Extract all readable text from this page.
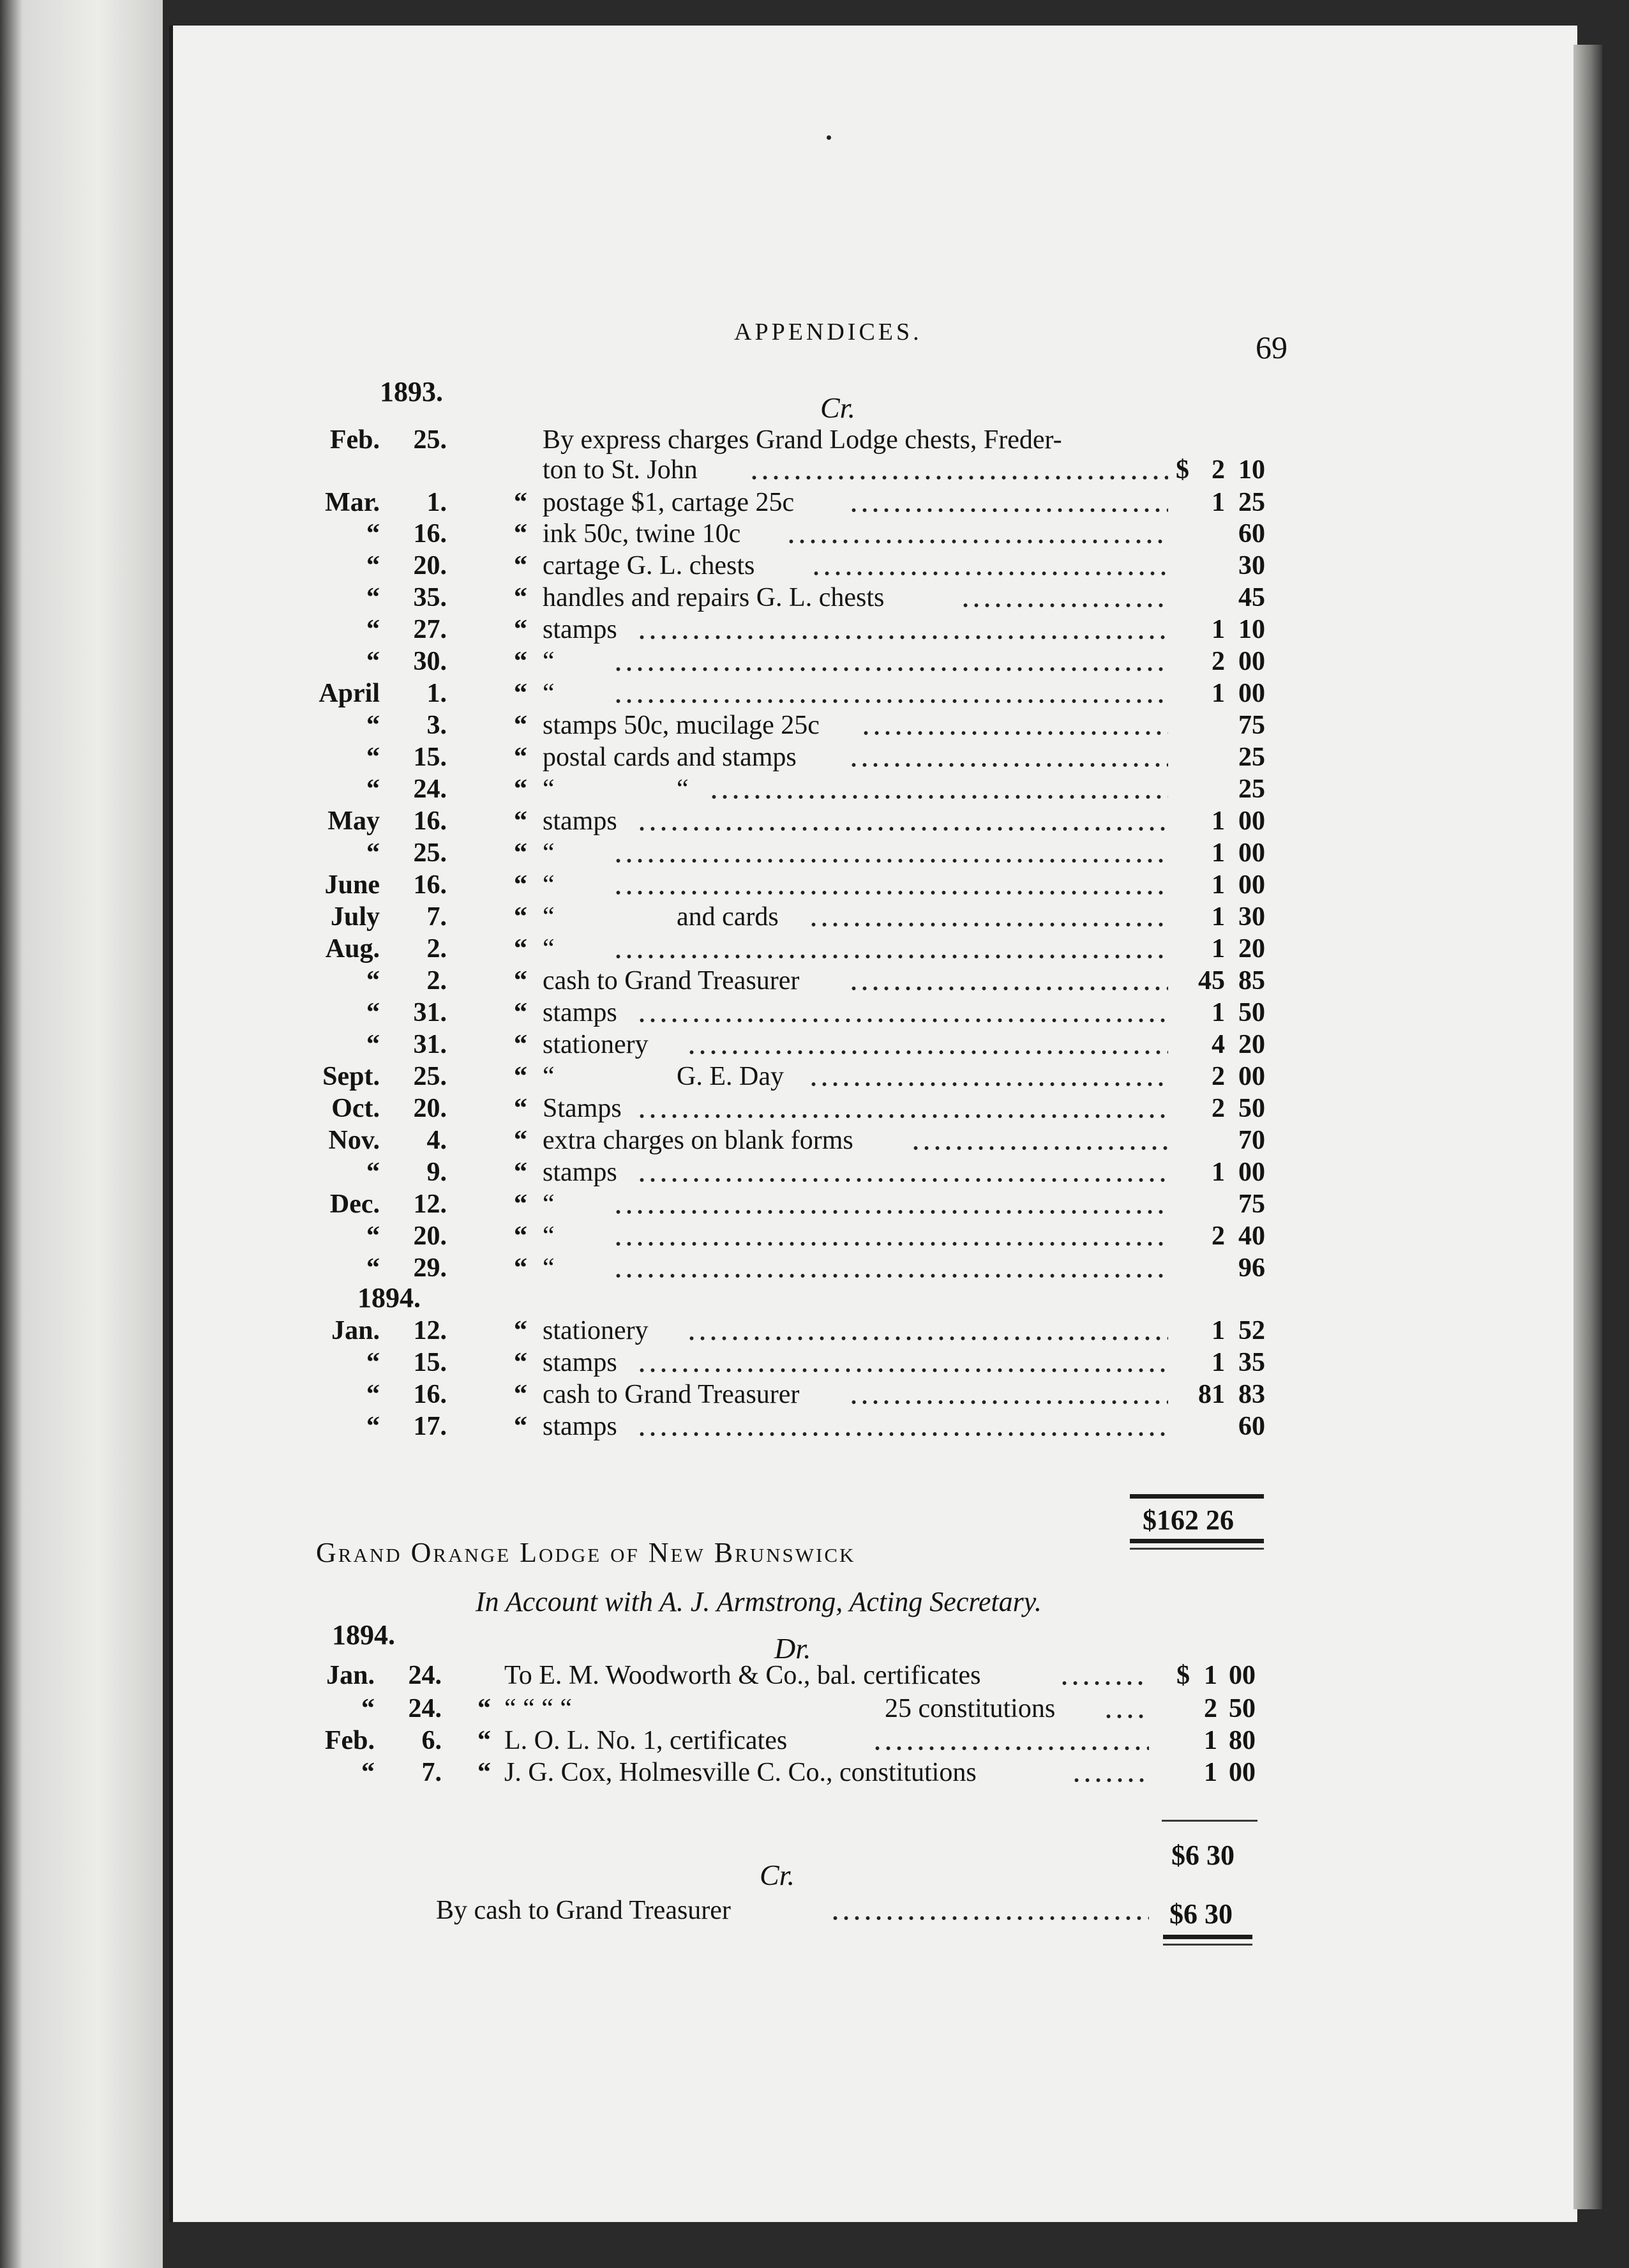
APPENDICES.	69
1893.	Cr.
Feb. 25.	By express charges Grand Lodge chests, Freder-
ton to St. John	$ 2 10
Mar. 1.	“ postage $1, cartage 25c	1 25
“ 16.	“ ink 50c, twine 10c	60
“ 20.	“ cartage G. L. chests	30
“ 35.	“ handles and repairs G. L. chests	45
“ 27.	“ stamps	1 10
“ 30.	“ “	2 00
April 1.	“ “	1 00
“ 3.	“ stamps 50c, mucilage 25c	75
“ 15.	“ postal cards and stamps	25
“ 24.	“ “	“	25
May 16.	“ stamps	1 00
“ 25.	“ “	1 00
June 16.	“ “	1 00
July 7.	“ “	and cards	1 30
Aug. 2.	“ “	1 20
“ 2.	“ cash to Grand Treasurer	45 85
“ 31.	“ stamps	1 50
“ 31.	“ stationery	4 20
Sept. 25.	“ “	G. E. Day	2 00
Oct. 20.	“ Stamps	2 50
Nov. 4.	“ extra charges on blank forms	70
“ 9.	“ stamps	1 00
Dec. 12.	“ “	75
“ 20.	“ “	2 40
“ 29.	“ “	96
1894.
Jan. 12.	“ stationery	1 52
“ 15.	“ stamps	1 35
“ 16.	“ cash to Grand Treasurer	81 83
“ 17.	“ stamps	60
$162 26
Grand Orange Lodge of New Brunswick
In Account with A. J. Armstrong, Acting Secretary.
1894.	Dr.
Jan. 24. To E. M. Woodworth & Co., bal. certificates	$ 1 00
“ 24. “ “ “ “ “	25 constitutions	2 50
Feb. 6. “ L. O. L. No. 1, certificates	1 80
“ 7. “ J. G. Cox, Holmesville C. Co., constitutions	1 00
$6 30
Cr.
By cash to Grand Treasurer	$6 30
